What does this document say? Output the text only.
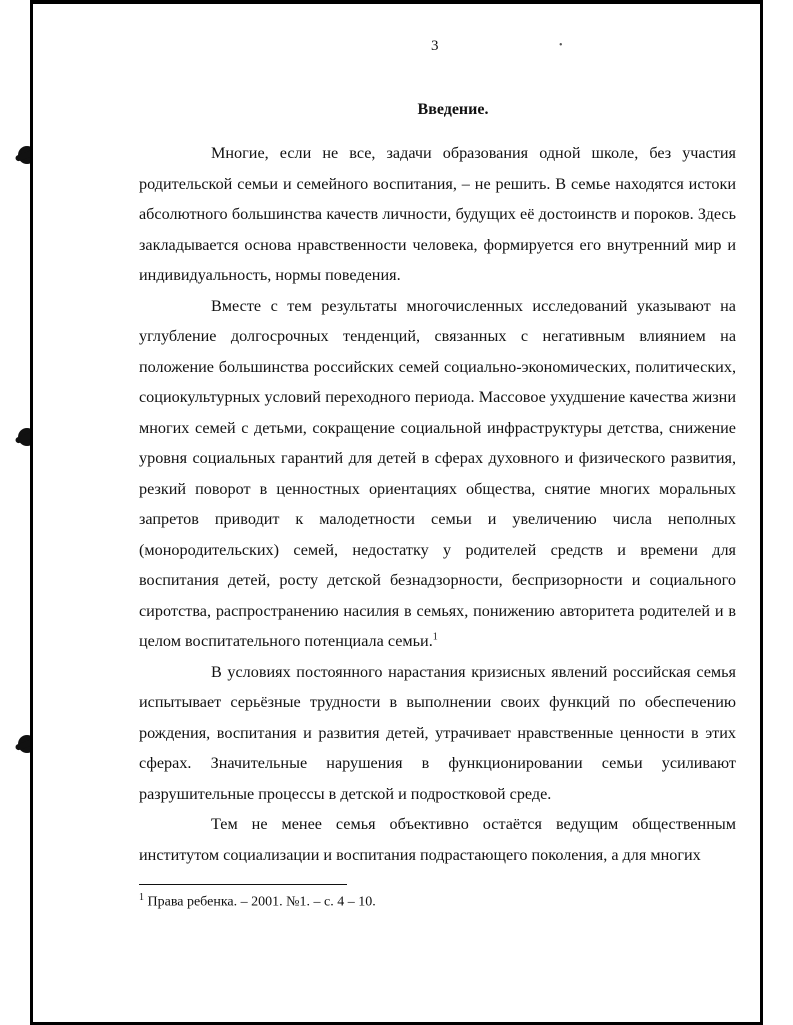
3	•
Введение.

Многие, если не все, задачи образования одной школе, без участия родительской семьи и семейного воспитания, – не решить. В семье находятся истоки абсолютного большинства качеств личности, будущих её достоинств и пороков. Здесь закладывается основа нравственности человека, формируется его внутренний мир и индивидуальность, нормы поведения.

Вместе с тем результаты многочисленных исследований указывают на углубление долгосрочных тенденций, связанных с негативным влиянием на положение большинства российских семей социально-экономических, политических, социокультурных условий переходного периода. Массовое ухудшение качества жизни многих семей с детьми, сокращение социальной инфраструктуры детства, снижение уровня социальных гарантий для детей в сферах духовного и физического развития, резкий поворот в ценностных ориентациях общества, снятие многих моральных запретов приводит к малодетности семьи и увеличению числа неполных (монородительских) семей, недостатку у родителей средств и времени для воспитания детей, росту детской безнадзорности, беспризорности и социального сиротства, распространению насилия в семьях, понижению авторитета родителей и в целом воспитательного потенциала семьи.$^1$

В условиях постоянного нарастания кризисных явлений российская семья испытывает серьёзные трудности в выполнении своих функций по обеспечению рождения, воспитания и развития детей, утрачивает нравственные ценности в этих сферах. Значительные нарушения в функционировании семьи усиливают разрушительные процессы в детской и подростковой среде.

Тем не менее семья объективно остаётся ведущим общественным институтом социализации и воспитания подрастающего поколения, а для многих

$^1$ Права ребенка. – 2001. №1. – с. 4 – 10.
